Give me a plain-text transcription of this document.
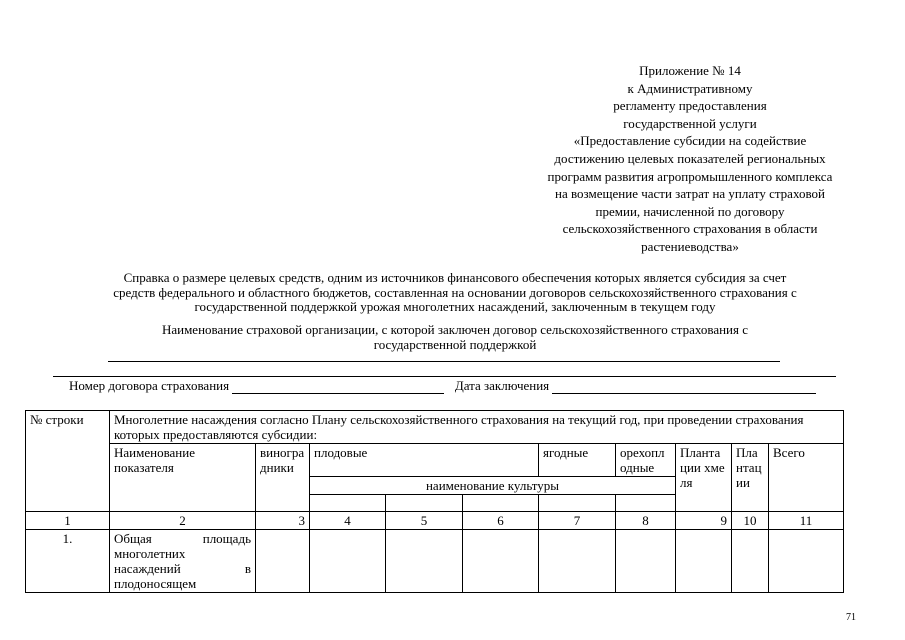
Приложение № 14
к Административному
регламенту предоставления
государственной услуги
«Предоставление субсидии на содействие
достижению целевых показателей региональных
программ развития агропромышленного комплекса
на возмещение части затрат на уплату страховой
премии, начисленной по договору
сельскохозяйственного страхования в области
растениеводства»
Справка о размере целевых средств, одним из источников финансового обеспечения которых является субсидия за счет
средств федерального и областного бюджетов, составленная на основании договоров сельскохозяйственного страхования с
государственной поддержкой урожая многолетних насаждений, заключенным в текущем году
Наименование страховой организации, с которой заключен договор сельскохозяйственного страхования с
государственной поддержкой
Номер договора страхования	Дата заключения
№ строки	Многолетние насаждения согласно Плану сельскохозяйственного страхования на текущий год, при проведении страхования которых предоставляются субсидии:									
	Наименование показателя	виноградники	плодовые			ягодные	орехоплодные	Плантации хмеля	Плантации	Всего
			наименование культуры							

1	2	3	4	5	6	7	8	9	10	11
1.	Общая площадь многолетних насаждений в плодоносящем									
71
